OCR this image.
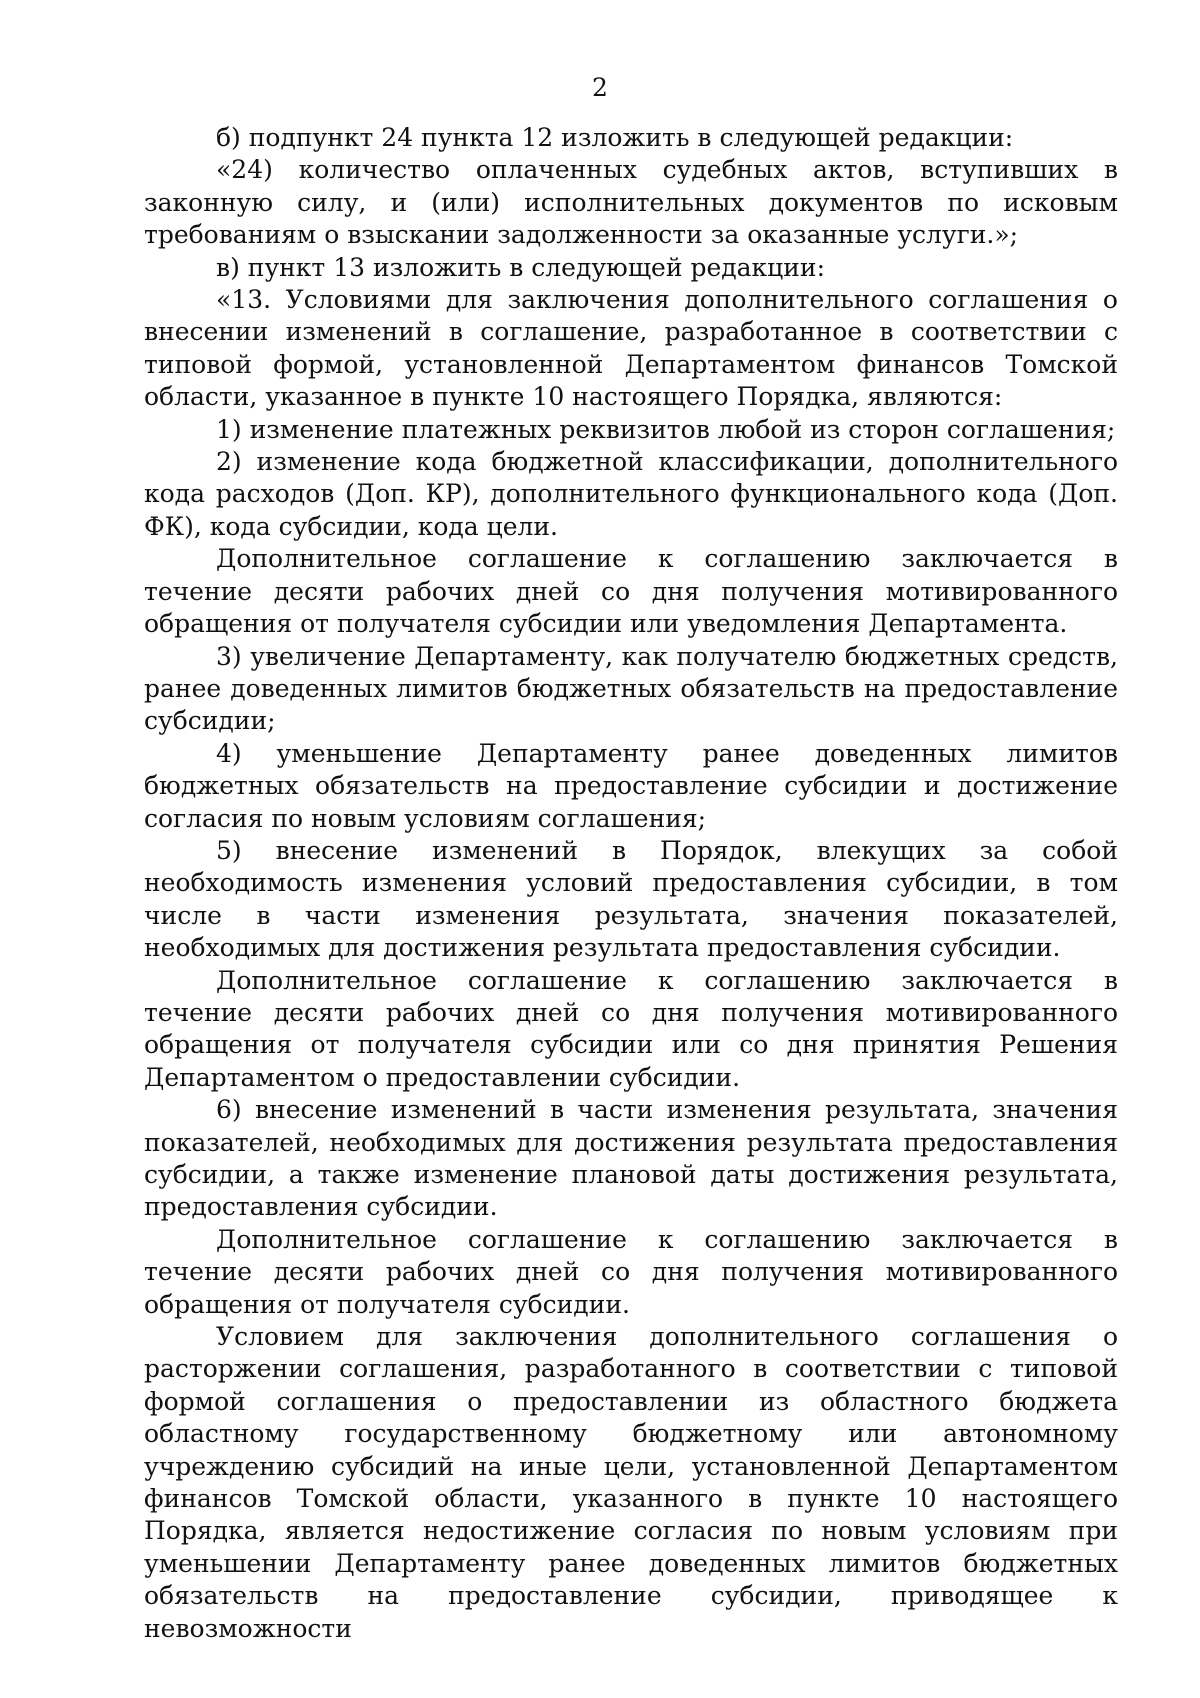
2

б) подпункт 24 пункта 12 изложить в следующей редакции:

«24) количество оплаченных судебных актов, вступивших в законную силу, и (или) исполнительных документов по исковым требованиям о взыскании задолженности за оказанные услуги.»;

в) пункт 13 изложить в следующей редакции:

«13. Условиями для заключения дополнительного соглашения о внесении изменений в соглашение, разработанное в соответствии с типовой формой, установленной Департаментом финансов Томской области, указанное в пункте 10 настоящего Порядка, являются:

1) изменение платежных реквизитов любой из сторон соглашения;

2) изменение кода бюджетной классификации, дополнительного кода расходов (Доп. КР), дополнительного функционального кода (Доп. ФК), кода субсидии, кода цели.

Дополнительное соглашение к соглашению заключается в течение десяти рабочих дней со дня получения мотивированного обращения от получателя субсидии или уведомления Департамента.

3) увеличение Департаменту, как получателю бюджетных средств, ранее доведенных лимитов бюджетных обязательств на предоставление субсидии;

4) уменьшение Департаменту ранее доведенных лимитов бюджетных обязательств на предоставление субсидии и достижение согласия по новым условиям соглашения;

5) внесение изменений в Порядок, влекущих за собой необходимость изменения условий предоставления субсидии, в том числе в части изменения результата, значения показателей, необходимых для достижения результата предоставления субсидии.

Дополнительное соглашение к соглашению заключается в течение десяти рабочих дней со дня получения мотивированного обращения от получателя субсидии или со дня принятия Решения Департаментом о предоставлении субсидии.

6) внесение изменений в части изменения результата, значения показателей, необходимых для достижения результата предоставления субсидии, а также изменение плановой даты достижения результата, предоставления субсидии.

Дополнительное соглашение к соглашению заключается в течение десяти рабочих дней со дня получения мотивированного обращения от получателя субсидии.

Условием для заключения дополнительного соглашения о расторжении соглашения, разработанного в соответствии с типовой формой соглашения о предоставлении из областного бюджета областному государственному бюджетному или автономному учреждению субсидий на иные цели, установленной Департаментом финансов Томской области, указанного в пункте 10 настоящего Порядка, является недостижение согласия по новым условиям при уменьшении Департаменту ранее доведенных лимитов бюджетных обязательств на предоставление субсидии, приводящее к невозможности
